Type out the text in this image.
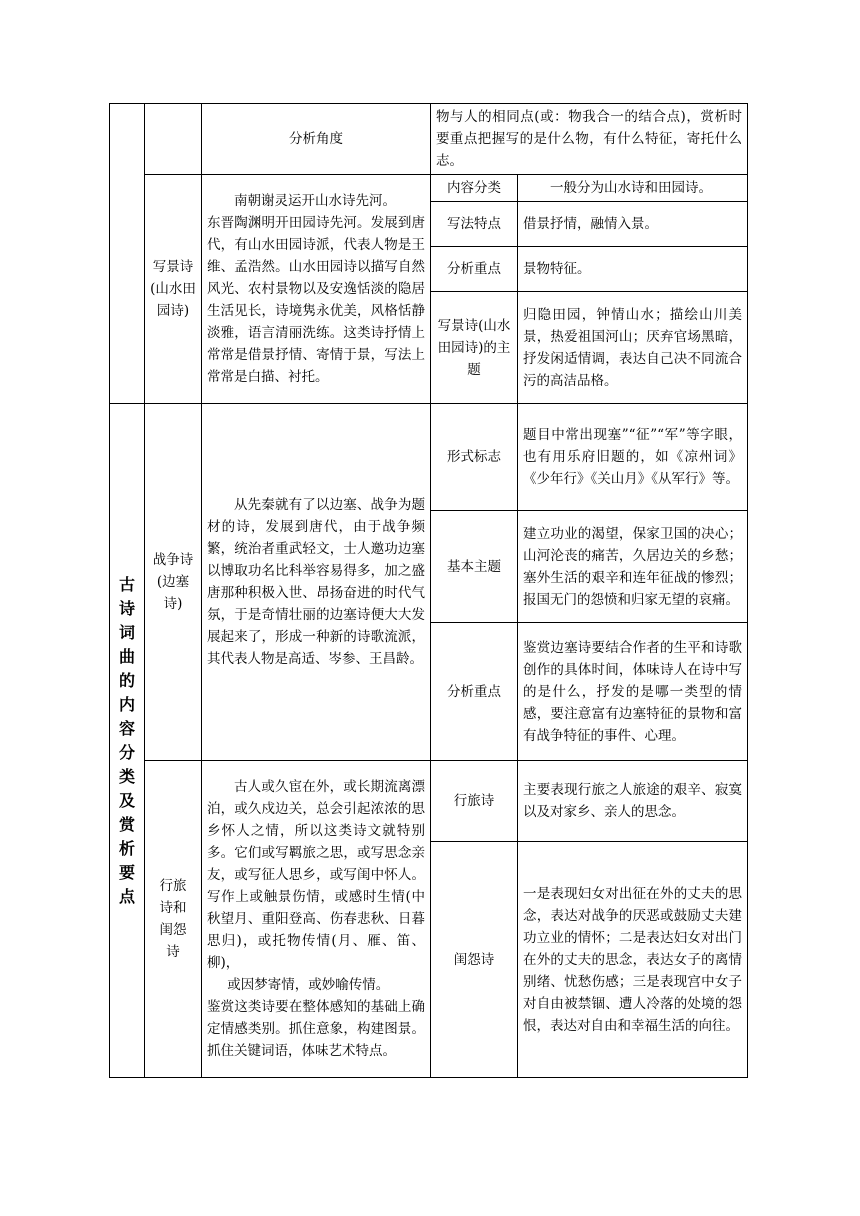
		分析角度	物与人的相同点(或：物我合一的结合点)，赏析时要重点把握写的是什么物，有什么特征，寄托什么志。	

	写景诗(山水田园诗)	南朝谢灵运开山水诗先河。
东晋陶渊明开田园诗先河。发展到唐代，有山水田园诗派，代表人物是王维、孟浩然。山水田园诗以描写自然风光、农村景物以及安逸恬淡的隐居生活见长，诗境隽永优美，风格恬静淡雅，语言清丽洗练。这类诗抒情上常常是借景抒情、寄情于景，写法上常常是白描、衬托。	内容分类	一般分为山水诗和田园诗。
			写法特点	借景抒情，融情入景。
			分析重点	景物特征。
			写景诗(山水田园诗)的主题	归隐田园，钟情山水；描绘山川美景，热爱祖国河山；厌弃官场黑暗，抒发闲适情调，表达自己决不同流合污的高洁品格。

古诗词曲的内容分类及赏析要点	战争诗(边塞诗)	从先秦就有了以边塞、战争为题材的诗，发展到唐代，由于战争频繁，统治者重武轻文，士人邀功边塞以博取功名比科举容易得多，加之盛唐那种积极入世、昂扬奋进的时代气氛，于是奇情壮丽的边塞诗便大大发展起来了，形成一种新的诗歌流派，其代表人物是高适、岑参、王昌龄。	形式标志	题目中常出现塞”“征”“军”等字眼，也有用乐府旧题的，如《凉州词》《少年行》《关山月》《从军行》等。
			基本主题	建立功业的渴望，保家卫国的决心；山河沦丧的痛苦，久居边关的乡愁；塞外生活的艰辛和连年征战的惨烈；报国无门的怨愤和归家无望的哀痛。
			分析重点	鉴赏边塞诗要结合作者的生平和诗歌创作的具体时间，体味诗人在诗中写的是什么，抒发的是哪一类型的情感，要注意富有边塞特征的景物和富有战争特征的事件、心理。

	行旅诗和闺怨诗	古人或久宦在外，或长期流离漂泊，或久戍边关，总会引起浓浓的思乡怀人之情，所以这类诗文就特别多。它们或写羁旅之思，或写思念亲友，或写征人思乡，或写闺中怀人。写作上或触景伤情，或感时生情(中秋望月、重阳登高、伤春悲秋、日暮思归)，或托物传情(月、雁、笛、柳)，
或因梦寄情，或妙喻传情。
鉴赏这类诗要在整体感知的基础上确定情感类别。抓住意象，构建图景。抓住关键词语，体味艺术特点。	行旅诗	主要表现行旅之人旅途的艰辛、寂寞以及对家乡、亲人的思念。
			闺怨诗	一是表现妇女对出征在外的丈夫的思念，表达对战争的厌恶或鼓励丈夫建功立业的情怀；二是表达妇女对出门在外的丈夫的思念，表达女子的离情别绪、忧愁伤感；三是表现宫中女子对自由被禁锢、遭人冷落的处境的怨恨，表达对自由和幸福生活的向往。
